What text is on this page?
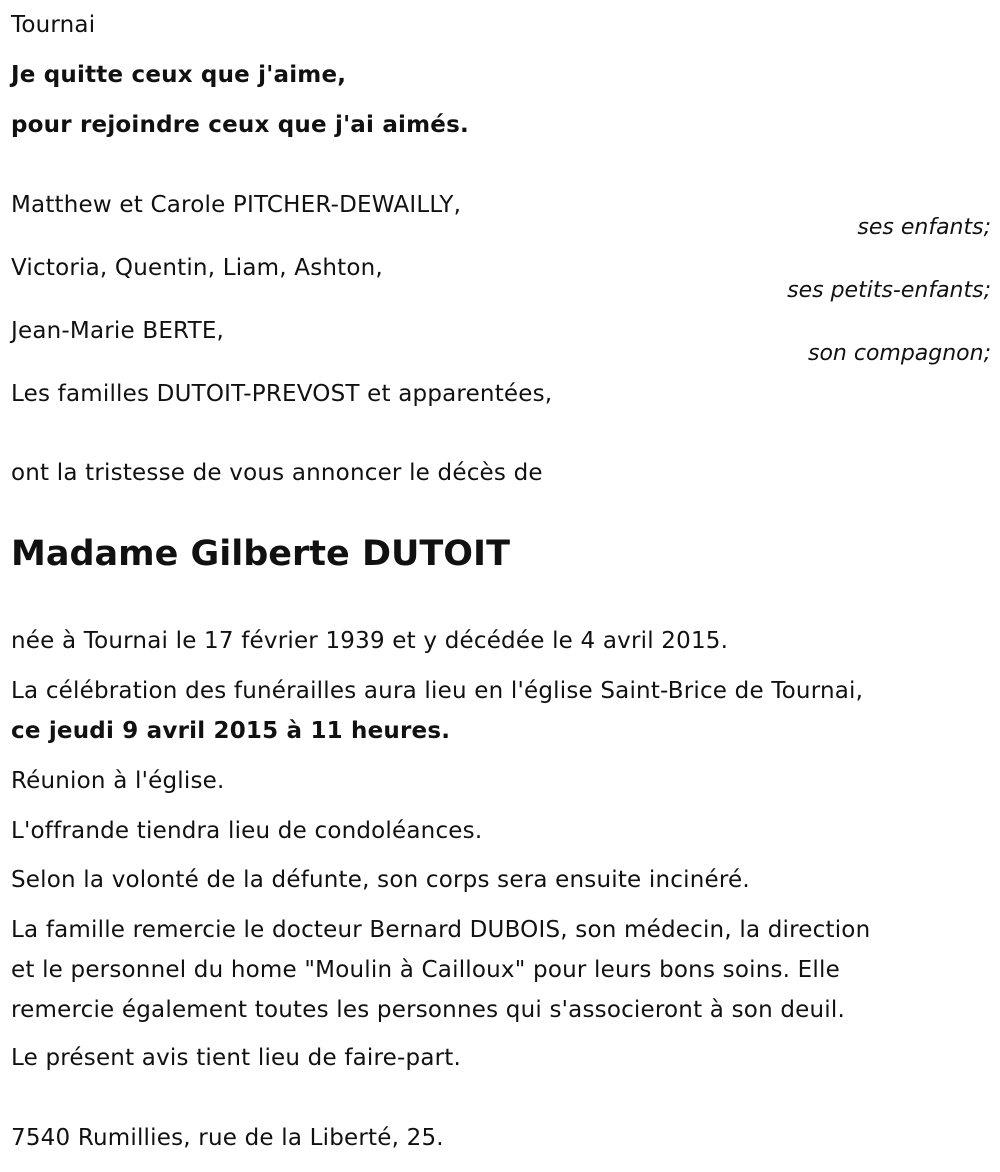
Tournai
Je quitte ceux que j'aime,
pour rejoindre ceux que j'ai aimés.
Matthew et Carole PITCHER-DEWAILLY,
ses enfants;
Victoria, Quentin, Liam, Ashton,
ses petits-enfants;
Jean-Marie BERTE,
son compagnon;
Les familles DUTOIT-PREVOST et apparentées,
ont la tristesse de vous annoncer le décès de
Madame Gilberte DUTOIT
née à Tournai le 17 février 1939 et y décédée le 4 avril 2015.
La célébration des funérailles aura lieu en l'église Saint-Brice de Tournai,
ce jeudi 9 avril 2015 à 11 heures.
Réunion à l'église.
L'offrande tiendra lieu de condoléances.
Selon la volonté de la défunte, son corps sera ensuite incinéré.
La famille remercie le docteur Bernard DUBOIS, son médecin, la direction
et le personnel du home "Moulin à Cailloux" pour leurs bons soins. Elle
remercie également toutes les personnes qui s'associeront à son deuil.
Le présent avis tient lieu de faire-part.
7540 Rumillies, rue de la Liberté, 25.
